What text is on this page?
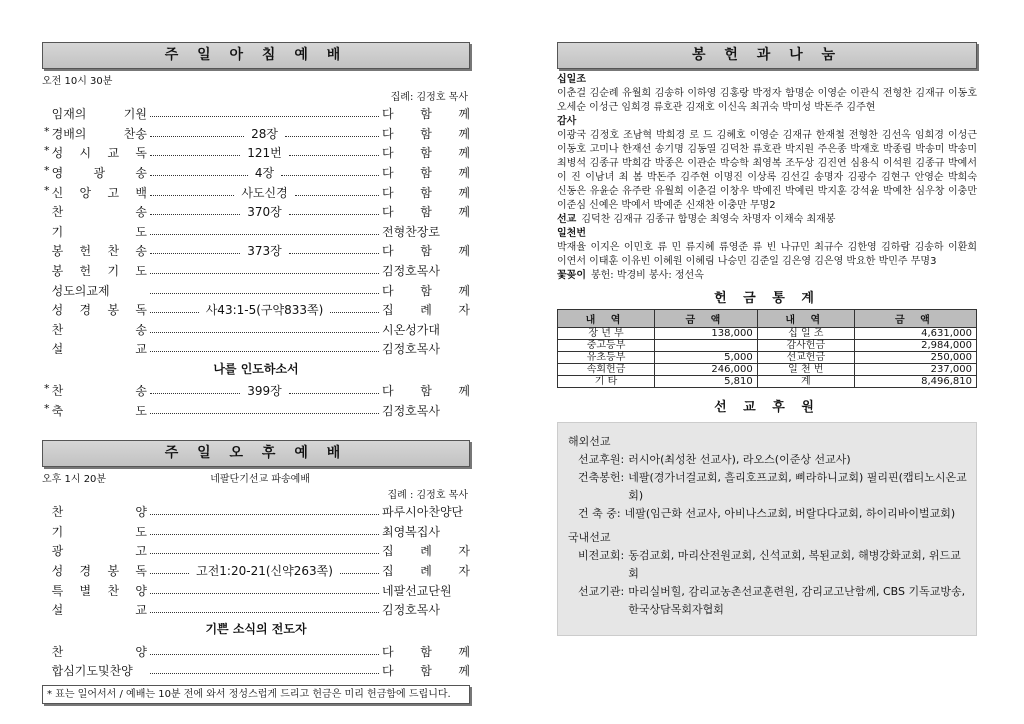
주 일 아 침 예 배
오전 10시 30분
집례: 김정호 목사
임재의 기원	다 함 께
* 경배의 찬송	28장	다 함 께
* 성 시 교 독	121번	다 함 께
* 영 광 송	4장	다 함 께
* 신 앙 고 백	사도신경	다 함 께
찬 송	370장	다 함 께
기 도	전형찬장로
봉 헌 찬 송	373장	다 함 께
봉 헌 기 도	김정호목사
성도의교제	다 함 께
성 경 봉 독	사43:1-5(구약833쪽)	집 례 자
찬 송	시온성가대
설 교	김정호목사
나를 인도하소서
* 찬 송	399장	다 함 께
* 축 도	김정호목사
주 일 오 후 예 배
오후 1시 20분	네팔단기선교 파송예배
집례 : 김정호 목사
찬 양	파루시아찬양단
기 도	최영복집사
광 고	집 례 자
성 경 봉 독	고전1:20-21(신약263쪽)	집 례 자
특 별 찬 양	네팔선교단원
설 교	김정호목사
기쁜 소식의 전도자
찬 양	다 함 께
합심기도및찬양	다 함 께
* 표는 일어서서 / 예배는 10분 전에 와서 정성스럽게 드리고 헌금은 미리 헌금함에 드립니다.
봉 헌 과 나 눔
십일조
이춘걸 김순례 유월희 김송하 이하영 김홍랑 박정자 함명순 이영순 이관식 전형찬 김재규 이동호 오세순 이성근 임희경 류호관 김재호 이신옥 최귀숙 박미성 박돈주 김주현
감사
이광국 김정호 조남혁 박희경 로 드 김혜호 이영순 김재규 한재철 전형찬 김선옥 임희경 이성근 이동호 고미나 한재선 송기명 김동열 김덕찬 류호관 박지원 주은종 박재호 박종림 박송미 박송미 최병석 김종규 박희감 박종은 이관순 박승학 최영복 조두상 김진연 심용식 이석원 김종규 박예서 이 진 이남녀 최 봄 박돈주 김주현 이명진 이상록 김선길 송명자 김광수 김현구 안영순 박희숙 신동은 유윤순 유주란 유월희 이춘걸 이창우 박예진 박예린 박지훈 강석윤 박예찬 심우창 이충만 이준심 신예은 박예서 박예준 신재찬 이충만 무명2
선교 김덕찬 김재규 김종규 함명순 최영숙 차명자 이채숙 최재봉
일천번
박재율 이지은 이민호 류 민 류지혜 류영준 류 빈 나규민 최규수 김한영 김하람 김송하 이환희 이연서 이태훈 이유빈 이혜원 이혜림 나승민 김준일 김은영 김은영 박요한 박민주 무명3
꽃꽂이 봉헌: 박경비 봉사: 정선옥
헌 금 통 계
내 역	금 액	내 역	금 액
장 년 부	138,000	십 일 조	4,631,000
중고등부		감사헌금	2,984,000
유초등부	5,000	선교헌금	250,000
속회헌금	246,000	일 천 번	237,000
기 타	5,810	계	8,496,810
선 교 후 원
해외선교
선교후원: 러시아(최성찬 선교사), 라오스(이준상 선교사)
건축봉헌: 네팔(경가너걸교회, 흘리호프교회, 삐라하니교회) 필리핀(캡티노시온교회)
건 축 중: 네팔(임근화 선교사, 아비나스교회, 버랄다다교회, 하이리바이벌교회)
국내선교
비전교회: 동검교회, 마리산전원교회, 신석교회, 복된교회, 해병강화교회, 위드교회
선교기관: 마리실버힐, 감리교농촌선교훈련원, 감리교고난함께, CBS 기독교방송, 한국상담목회자협회
